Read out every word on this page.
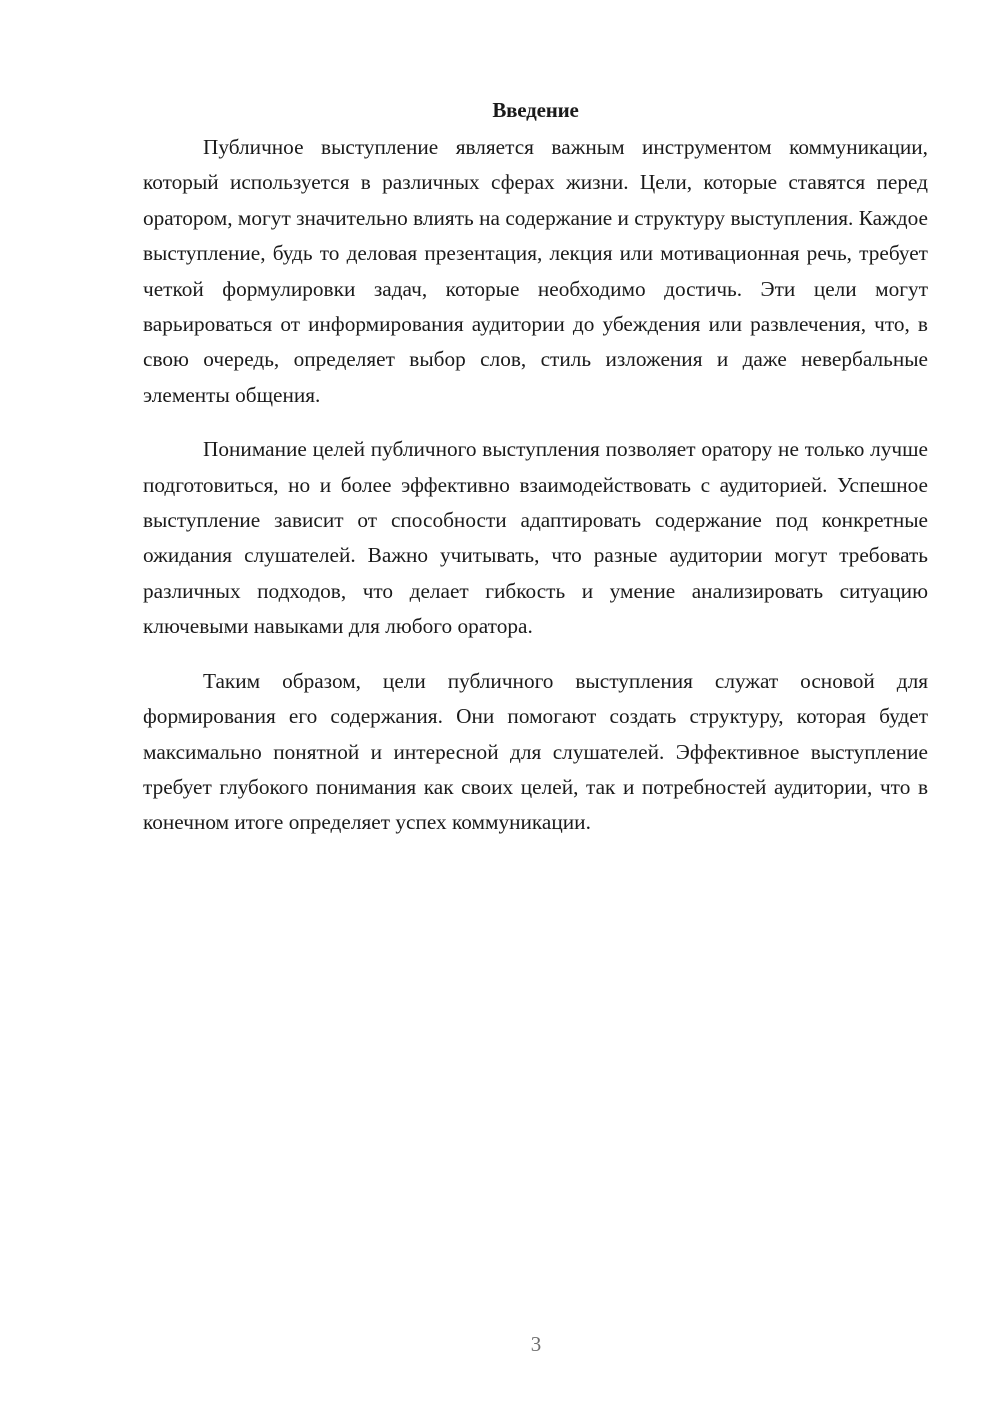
Введение

Публичное выступление является важным инструментом коммуникации, который используется в различных сферах жизни. Цели, которые ставятся перед оратором, могут значительно влиять на содержание и структуру выступления. Каждое выступление, будь то деловая презентация, лекция или мотивационная речь, требует четкой формулировки задач, которые необходимо достичь. Эти цели могут варьироваться от информирования аудитории до убеждения или развлечения, что, в свою очередь, определяет выбор слов, стиль изложения и даже невербальные элементы общения.

Понимание целей публичного выступления позволяет оратору не только лучше подготовиться, но и более эффективно взаимодействовать с аудиторией. Успешное выступление зависит от способности адаптировать содержание под конкретные ожидания слушателей. Важно учитывать, что разные аудитории могут требовать различных подходов, что делает гибкость и умение анализировать ситуацию ключевыми навыками для любого оратора.

Таким образом, цели публичного выступления служат основой для формирования его содержания. Они помогают создать структуру, которая будет максимально понятной и интересной для слушателей. Эффективное выступление требует глубокого понимания как своих целей, так и потребностей аудитории, что в конечном итоге определяет успех коммуникации.

3
